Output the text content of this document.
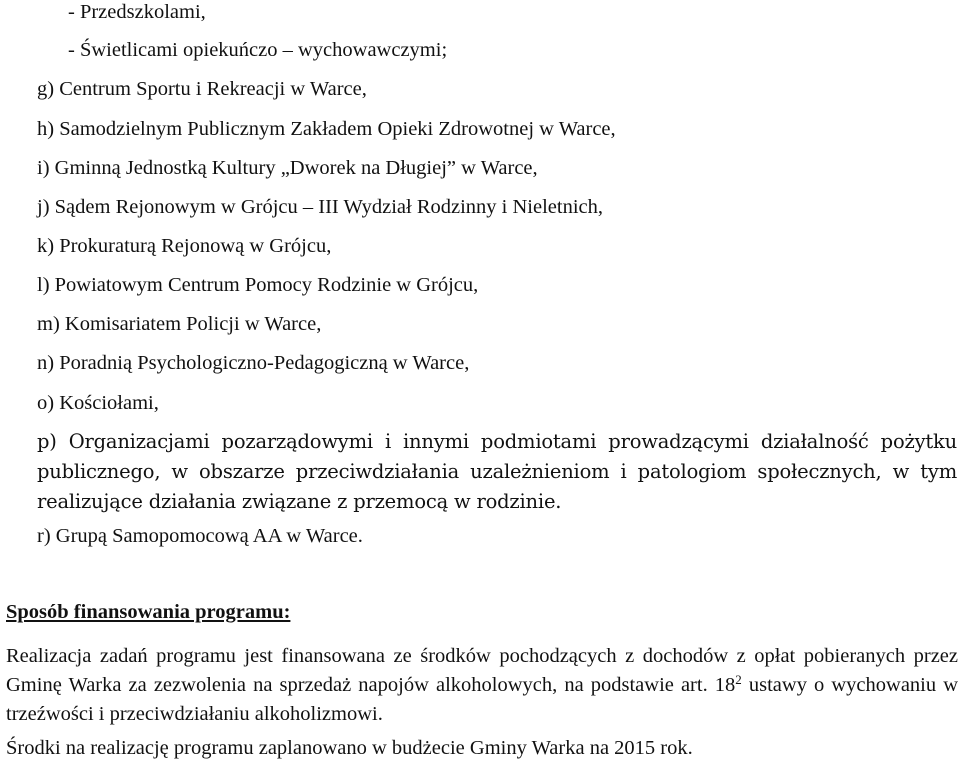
- Przedszkolami,
- Świetlicami opiekuńczo – wychowawczymi;
g) Centrum Sportu i Rekreacji w Warce,
h) Samodzielnym Publicznym Zakładem Opieki Zdrowotnej w Warce,
i) Gminną Jednostką Kultury „Dworek na Długiej” w Warce,
j) Sądem Rejonowym w Grójcu – III Wydział Rodzinny i Nieletnich,
k) Prokuraturą Rejonową w Grójcu,
l) Powiatowym Centrum Pomocy Rodzinie w Grójcu,
m) Komisariatem Policji w Warce,
n) Poradnią Psychologiczno-Pedagogiczną w Warce,
o) Kościołami,
p) Organizacjami pozarządowymi i innymi podmiotami prowadzącymi działalność pożytku publicznego, w obszarze przeciwdziałania uzależnieniom i patologiom społecznych, w tym realizujące działania związane z przemocą w rodzinie.
r) Grupą Samopomocową AA w Warce.
Sposób finansowania programu:
Realizacja zadań programu jest finansowana ze środków pochodzących z dochodów z opłat pobieranych przez Gminę Warka za zezwolenia na sprzedaż napojów alkoholowych, na podstawie art. $18^2$ ustawy o wychowaniu w trzeźwości i przeciwdziałaniu alkoholizmowi.
Środki na realizację programu zaplanowano w budżecie Gminy Warka na 2015 rok.
